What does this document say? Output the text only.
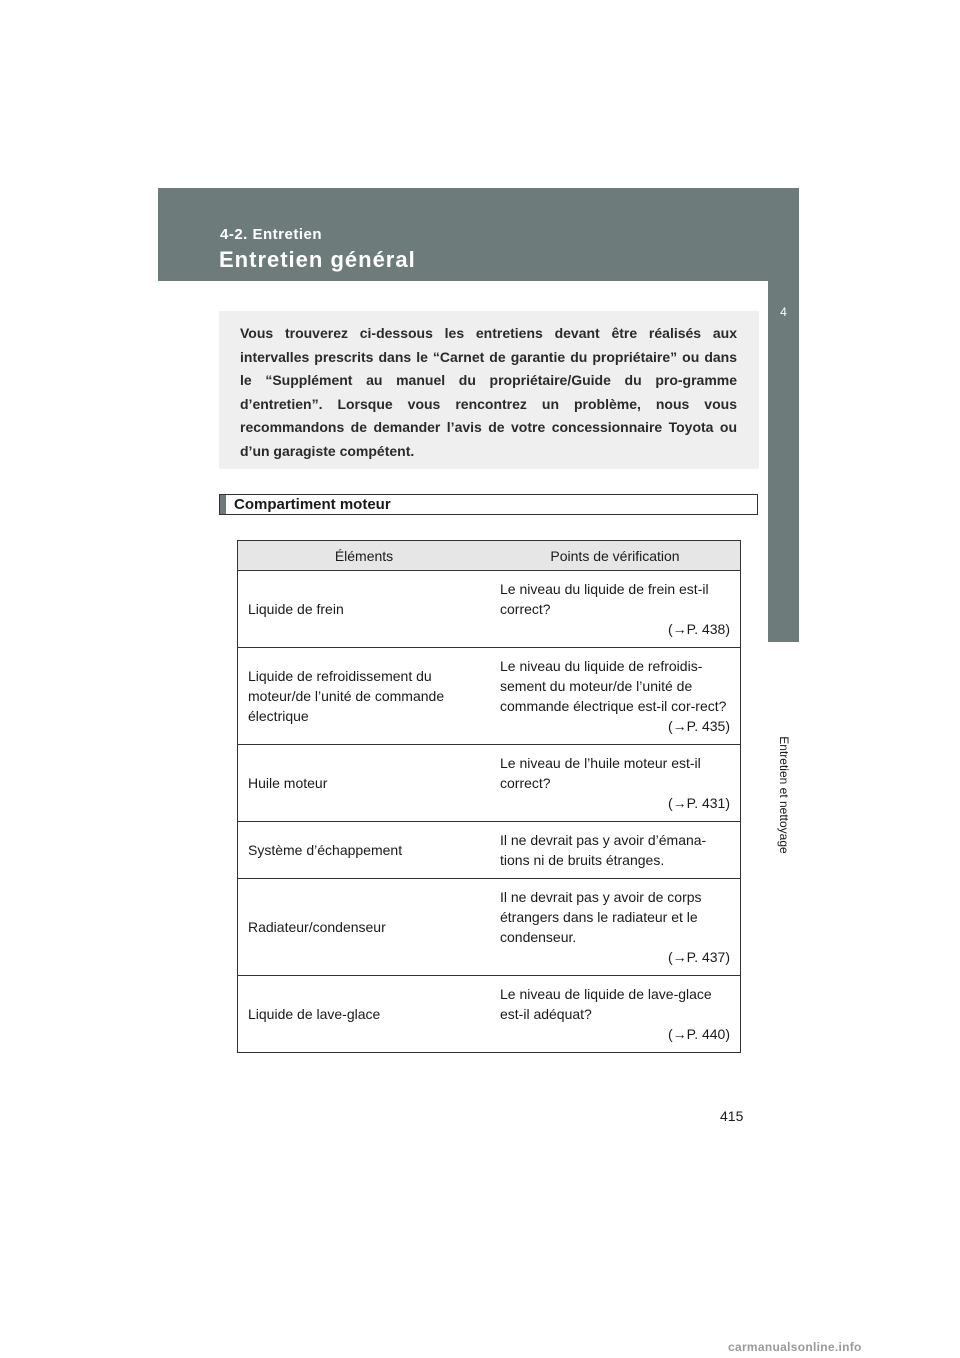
4-2. Entretien
Entretien général
4
Entretien et nettoyage

Vous trouverez ci-dessous les entretiens devant être réalisés aux intervalles prescrits dans le “Carnet de garantie du propriétaire” ou dans le “Supplément au manuel du propriétaire/Guide du pro-gramme d’entretien”. Lorsque vous rencontrez un problème, nous vous recommandons de demander l’avis de votre concessionnaire Toyota ou d’un garagiste compétent.

Compartiment moteur
Éléments	Points de vérification
Liquide de frein	Le niveau du liquide de frein est-il correct?
(→P. 438)

Liquide de refroidissement du moteur/de l’unité de commande électrique	Le niveau du liquide de refroidis-sement du moteur/de l’unité de commande électrique est-il cor-rect?
(→P. 435)

Huile moteur	Le niveau de l’huile moteur est-il correct?
(→P. 431)

Système d’échappement	Il ne devrait pas y avoir d’émana-tions ni de bruits étranges.
Radiateur/condenseur	Il ne devrait pas y avoir de corps étrangers dans le radiateur et le condenseur.
(→P. 437)

Liquide de lave-glace	Le niveau de liquide de lave-glace est-il adéquat?
(→P. 440)
415
carmanualsonline.info
